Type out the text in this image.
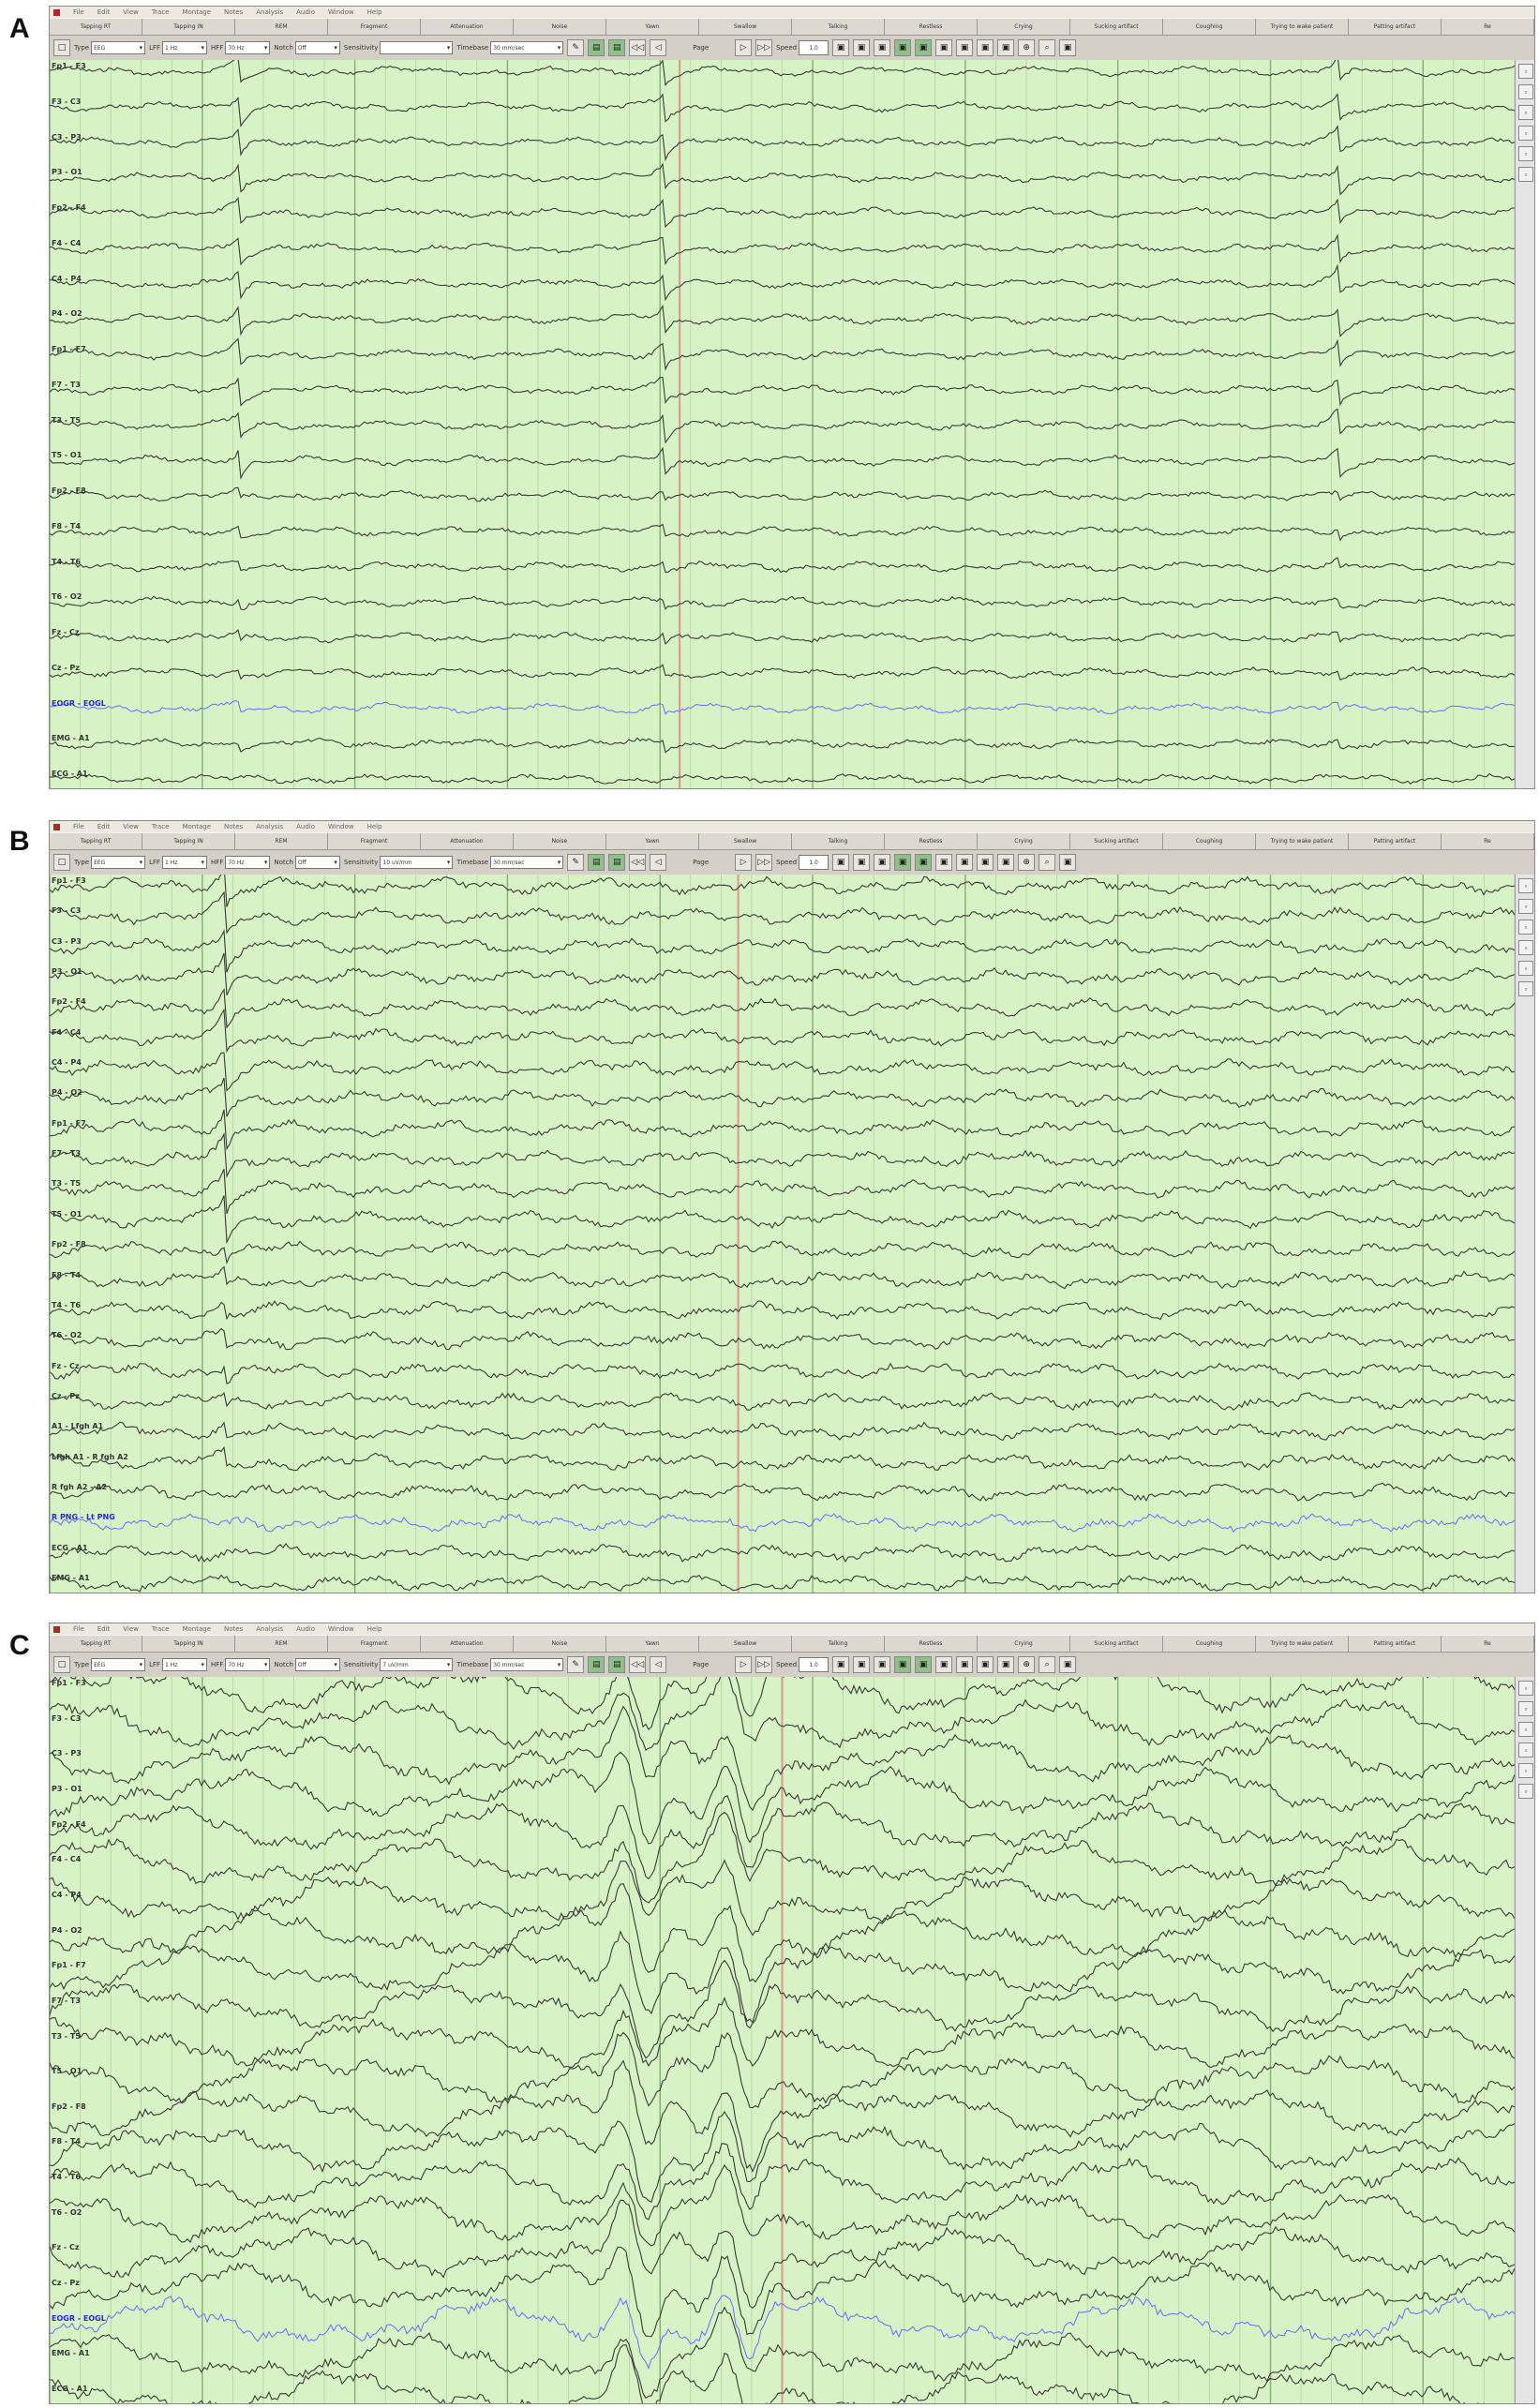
A
File Edit View Trace Montage Notes Analysis Audio Window Help
Tapping RT	Tapping IN	REM	Fragment	Attenuation	Noise	Yawn	Swallow	Talking	Restless	Crying	Sucking artifact	Coughing	Trying to wake patient	Patting artifact	Re
□	Type EEG
▾	LFF 1 Hz
▾	HFF 70 Hz
▾	Notch Off
▾	Sensitivity
▾	Timebase 30 mm/sec
▾	✎	▤	▤	◁◁	◁	Page	▷	▷▷ Speed 1.0	▣	▣	▣	▣	▣	▣	▣	▣	▣	⊕	⌕	▣
Fp1 - F3
F3 - C3
C3 - P3
P3 - O1
Fp2 - F4
F4 - C4
C4 - P4
P4 - O2
Fp1 - F7
F7 - T3
T3 - T5
T5 - O1
Fp2 - F8
F8 - T4
T4 - T6
T6 - O2
Fz - Cz
Cz - Pz
EOGR - EOGL
EMG - A1
ECG - A1
▫
▫
▫
▫
▫
▫
B	File Edit View Trace Montage Notes Analysis Audio Window Help
Tapping RT	Tapping IN	REM	Fragment	Attenuation	Noise	Yawn	Swallow	Talking	Restless	Crying	Sucking artifact	Coughing	Trying to wake patient	Patting artifact	Re
□	Type EEG
▾	LFF 1 Hz
▾	HFF 70 Hz
▾	Notch Off
▾	Sensitivity 10 uV/mm
▾	Timebase 30 mm/sec
▾	✎	▤	▤	◁◁	◁	Page	▷	▷▷ Speed 1.0	▣	▣	▣	▣	▣	▣	▣	▣	▣	⊕	⌕	▣
Fp1 - F3
F3 - C3
C3 - P3
P3 - O1
Fp2 - F4
F4 - C4
C4 - P4
P4 - O2
Fp1 - F7
F7 - T3
T3 - T5
T5 - O1
Fp2 - F8
F8 - T4
T4 - T6
T6 - O2
Fz - Cz
Cz - Pz
A1 - Lfgh A1
Lfgh A1 - R fgh A2
R fgh A2 - A2
R PNG - Lt PNG
ECG - A1
EMG - A1
▫
▫
▫
▫
▫
▫
C
File Edit View Trace Montage Notes Analysis Audio Window Help
Tapping RT	Tapping IN	REM	Fragment	Attenuation	Noise	Yawn	Swallow	Talking	Restless	Crying	Sucking artifact	Coughing	Trying to wake patient	Patting artifact	Re
□	Type EEG
▾	LFF 1 Hz
▾	HFF 70 Hz
▾	Notch Off
▾	Sensitivity 7 uV/mm
▾	Timebase 30 mm/sec
▾	✎	▤	▤	◁◁	◁	Page	▷	▷▷ Speed 1.0	▣	▣	▣	▣	▣	▣	▣	▣	▣	⊕	⌕	▣
Fp1 - F3
F3 - C3
C3 - P3
P3 - O1
Fp2 - F4
F4 - C4
C4 - P4
P4 - O2
Fp1 - F7
F7 - T3
T3 - T5
T5 - O1
Fp2 - F8
F8 - T4
T4 - T6
T6 - O2
Fz - Cz
Cz - Pz
EOGR - EOGL
EMG - A1
ECG - A1
▫
▫
▫
▫
▫
▫
